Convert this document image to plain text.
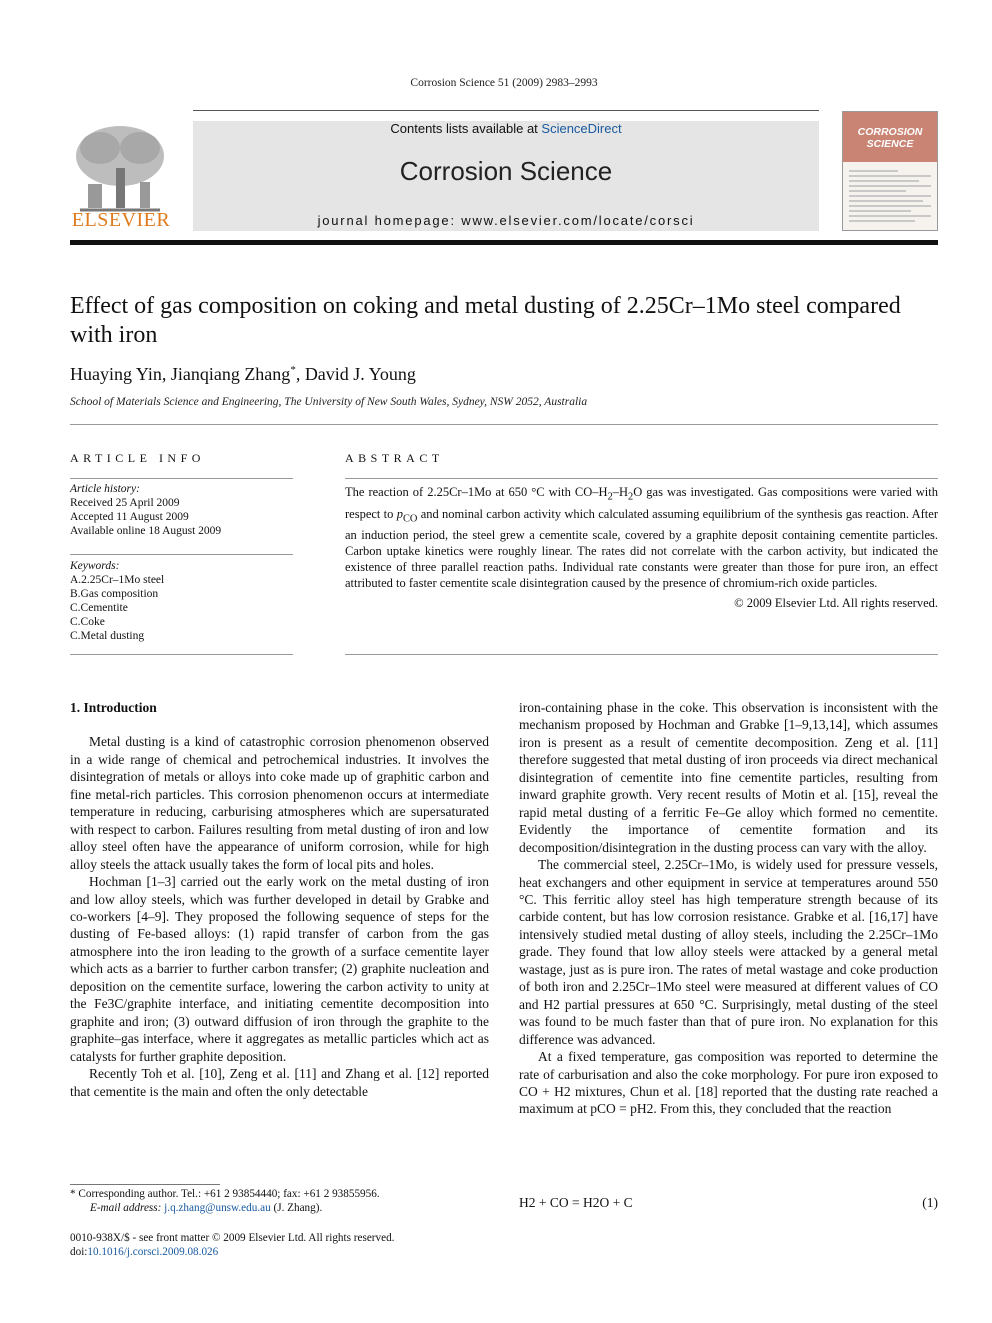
Corrosion Science 51 (2009) 2983–2993
Contents lists available at ScienceDirect
Corrosion Science
journal homepage: www.elsevier.com/locate/corsci
ELSEVIER
CORROSION
SCIENCE
Effect of gas composition on coking and metal dusting of 2.25Cr–1Mo steel compared with iron
Huaying Yin, Jianqiang Zhang*, David J. Young
School of Materials Science and Engineering, The University of New South Wales, Sydney, NSW 2052, Australia
ARTICLE INFO
Article history:
Received 25 April 2009
Accepted 11 August 2009
Available online 18 August 2009
Keywords:
A.2.25Cr–1Mo steel
B.Gas composition
C.Cementite
C.Coke
C.Metal dusting
ABSTRACT
The reaction of 2.25Cr–1Mo at 650 °C with $CO-H_2-H_2O$ gas was investigated. Gas compositions were varied with respect to $p_{CO}$ and nominal carbon activity which calculated assuming equilibrium of the synthesis gas reaction. After an induction period, the steel grew a cementite scale, covered by a graphite deposit containing cementite particles. Carbon uptake kinetics were roughly linear. The rates did not correlate with the carbon activity, but indicated the existence of three parallel reaction paths. Individual rate constants were greater than those for pure iron, an effect attributed to faster cementite scale disintegration caused by the presence of chromium-rich oxide particles.
© 2009 Elsevier Ltd. All rights reserved.
1. Introduction

Metal dusting is a kind of catastrophic corrosion phenomenon observed in a wide range of chemical and petrochemical industries. It involves the disintegration of metals or alloys into coke made up of graphitic carbon and fine metal-rich particles. This corrosion phenomenon occurs at intermediate temperature in reducing, carburising atmospheres which are supersaturated with respect to carbon. Failures resulting from metal dusting of iron and low alloy steel often have the appearance of uniform corrosion, while for high alloy steels the attack usually takes the form of local pits and holes.

Hochman [1–3] carried out the early work on the metal dusting of iron and low alloy steels, which was further developed in detail by Grabke and co-workers [4–9]. They proposed the following sequence of steps for the dusting of Fe-based alloys: (1) rapid transfer of carbon from the gas atmosphere into the iron leading to the growth of a surface cementite layer which acts as a barrier to further carbon transfer; (2) graphite nucleation and deposition on the cementite surface, lowering the carbon activity to unity at the Fe3C/graphite interface, and initiating cementite decomposition into graphite and iron; (3) outward diffusion of iron through the graphite to the graphite–gas interface, where it aggregates as metallic particles which act as catalysts for further graphite deposition.

Recently Toh et al. [10], Zeng et al. [11] and Zhang et al. [12] reported that cementite is the main and often the only detectable

iron-containing phase in the coke. This observation is inconsistent with the mechanism proposed by Hochman and Grabke [1–9,13,14], which assumes iron is present as a result of cementite decomposition. Zeng et al. [11] therefore suggested that metal dusting of iron proceeds via direct mechanical disintegration of cementite into fine cementite particles, resulting from inward graphite growth. Very recent results of Motin et al. [15], reveal the rapid metal dusting of a ferritic Fe–Ge alloy which formed no cementite. Evidently the importance of cementite formation and its decomposition/disintegration in the dusting process can vary with the alloy.

The commercial steel, 2.25Cr–1Mo, is widely used for pressure vessels, heat exchangers and other equipment in service at temperatures around 550 °C. This ferritic alloy steel has high temperature strength because of its carbide content, but has low corrosion resistance. Grabke et al. [16,17] have intensively studied metal dusting of alloy steels, including the 2.25Cr–1Mo grade. They found that low alloy steels were attacked by a general metal wastage, just as is pure iron. The rates of metal wastage and coke production of both iron and 2.25Cr–1Mo steel were measured at different values of CO and H2 partial pressures at 650 °C. Surprisingly, metal dusting of the steel was found to be much faster than that of pure iron. No explanation for this difference was advanced.

At a fixed temperature, gas composition was reported to determine the rate of carburisation and also the coke morphology. For pure iron exposed to CO + H2 mixtures, Chun et al. [18] reported that the dusting rate reached a maximum at pCO = pH2. From this, they concluded that the reaction

H2 + CO = H2O + C	(1)
* Corresponding author. Tel.: +61 2 93854440; fax: +61 2 93855956.
E-mail address: j.q.zhang@unsw.edu.au (J. Zhang).
0010-938X/$ - see front matter © 2009 Elsevier Ltd. All rights reserved.
doi:10.1016/j.corsci.2009.08.026
